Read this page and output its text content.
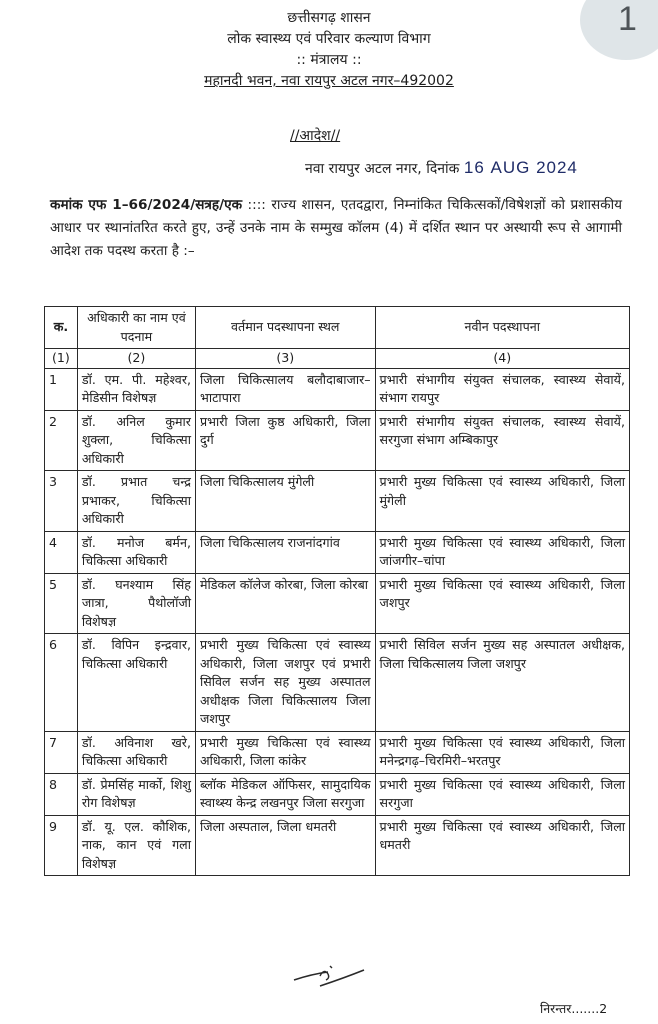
1
छत्तीसगढ़ शासन
लोक स्वास्थ्य एवं परिवार कल्याण विभाग
:: मंत्रालय ::
महानदी भवन, नवा रायपुर अटल नगर–492002
//आदेश//
नवा रायपुर अटल नगर, दिनांक 16 AUG 2024
कमांक एफ 1–66/2024/सत्रह/एक :::: राज्य शासन, एतदद्वारा, निम्नांकित चिकित्सकों/विषेशज्ञों को प्रशासकीय आधार पर स्थानांतरित करते हुए, उन्हें उनके नाम के सम्मुख कॉलम (4) में दर्शित स्थान पर अस्थायी रूप से आगामी आदेश तक पदस्थ करता है :–
क.	अधिकारी का नाम एवं पदनाम	वर्तमान पदस्थापना स्थल	नवीन पदस्थापना
(1)	(2)	(3)	(4)
1	डॉ. एम. पी. महेश्वर, मेडिसीन विशेषज्ञ	जिला चिकित्सालय बलौदाबाजार–भाटापारा	प्रभारी संभागीय संयुक्त संचालक, स्वास्थ्य सेवायें, संभाग रायपुर
2	डॉ. अनिल कुमार शुक्ला, चिकित्सा अधिकारी	प्रभारी जिला कुष्ठ अधिकारी, जिला दुर्ग	प्रभारी संभागीय संयुक्त संचालक, स्वास्थ्य सेवायें, सरगुजा संभाग अम्बिकापुर
3	डॉ. प्रभात चन्द्र प्रभाकर, चिकित्सा अधिकारी	जिला चिकित्सालय मुंगेली	प्रभारी मुख्य चिकित्सा एवं स्वास्थ्य अधिकारी, जिला मुंगेली
4	डॉ. मनोज बर्मन, चिकित्सा अधिकारी	जिला चिकित्सालय राजनांदगांव	प्रभारी मुख्य चिकित्सा एवं स्वास्थ्य अधिकारी, जिला जांजगीर–चांपा
5	डॉ. घनश्याम सिंह जात्रा, पैथोलॉजी विशेषज्ञ	मेडिकल कॉलेज कोरबा, जिला कोरबा	प्रभारी मुख्य चिकित्सा एवं स्वास्थ्य अधिकारी, जिला जशपुर
6	डॉ. विपिन इन्द्रवार, चिकित्सा अधिकारी	प्रभारी मुख्य चिकित्सा एवं स्वास्थ्य अधिकारी, जिला जशपुर एवं प्रभारी सिविल सर्जन सह मुख्य अस्पातल अधीक्षक जिला चिकित्सालय जिला जशपुर	प्रभारी सिविल सर्जन मुख्य सह अस्पातल अधीक्षक, जिला चिकित्सालय जिला जशपुर
7	डॉ. अविनाश खरे, चिकित्सा अधिकारी	प्रभारी मुख्य चिकित्सा एवं स्वास्थ्य अधिकारी, जिला कांकेर	प्रभारी मुख्य चिकित्सा एवं स्वास्थ्य अधिकारी, जिला मनेन्द्रगढ़–चिरमिरी–भरतपुर
8	डॉ. प्रेमसिंह मार्को, शिशु रोग विशेषज्ञ	ब्लॉक मेडिकल ऑफिसर, सामुदायिक स्वाथ्स्य केन्द्र लखनपुर जिला सरगुजा	प्रभारी मुख्य चिकित्सा एवं स्वास्थ्य अधिकारी, जिला सरगुजा
9	डॉ. यू. एल. कौशिक, नाक, कान एवं गला विशेषज्ञ	जिला अस्पताल, जिला धमतरी	प्रभारी मुख्य चिकित्सा एवं स्वास्थ्य अधिकारी, जिला धमतरी
निरन्तर.......2
